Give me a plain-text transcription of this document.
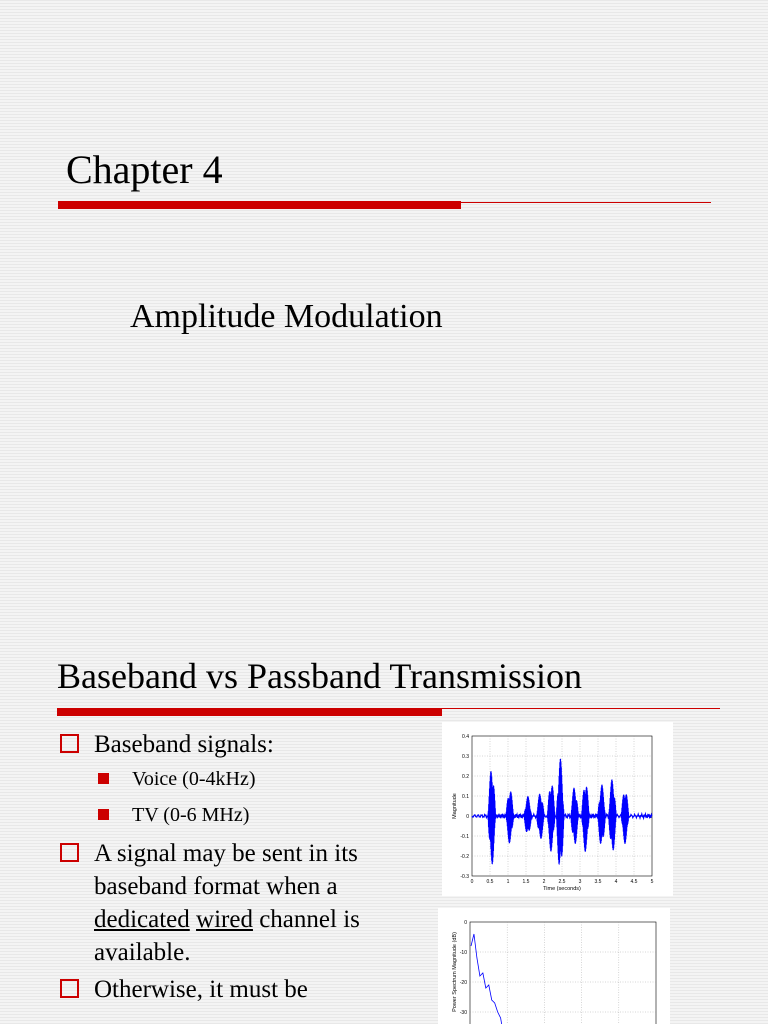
Chapter 4
Amplitude Modulation
Baseband vs Passband Transmission
Baseband signals:
Voice (0-4kHz)
TV (0-6 MHz)
A signal may be sent in its baseband format when a dedicated wired channel is available.
Otherwise, it must be
0	0.5	1	1.5	2	2.5	3	3.5	4	4.5	5
0.4
0.3
0.2
0.1
0
-0.1
-0.2
-0.3
Time (seconds)
Magnitude
0
-10
-20
-30
Power Spectrum Magnitude (dB)
